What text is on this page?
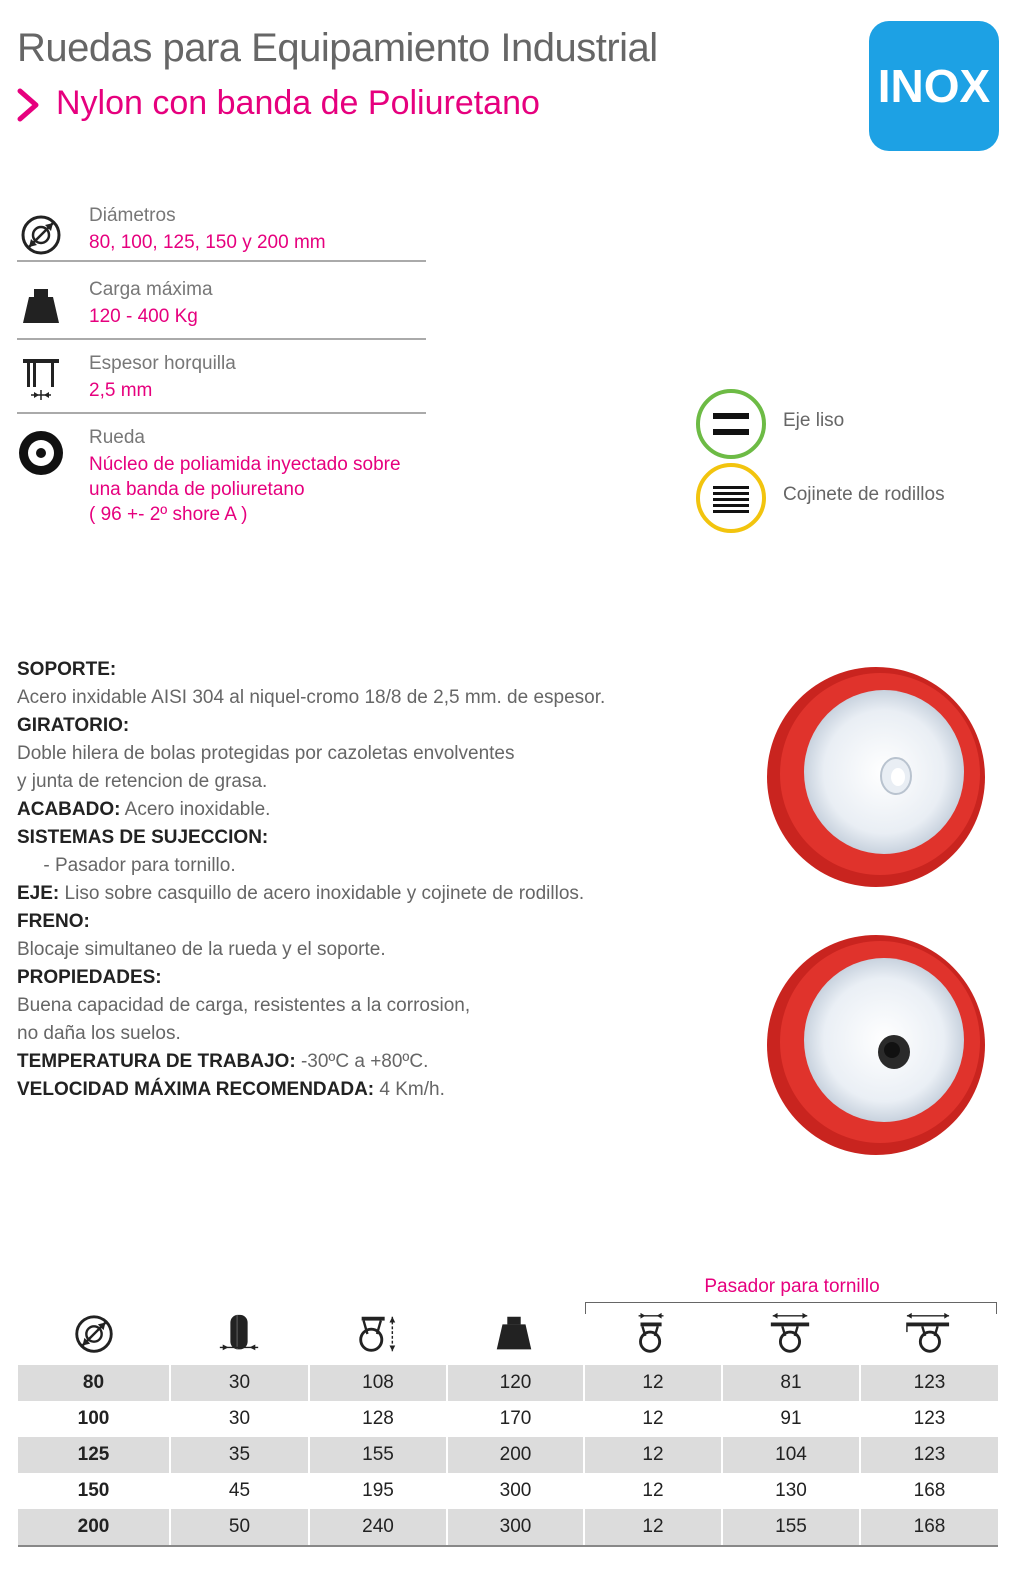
Ruedas para Equipamiento Industrial
Nylon con banda de Poliuretano	INOX
Diámetros
80, 100, 125, 150 y 200 mm
Carga máxima
120 - 400 Kg
Espesor horquilla
2,5 mm
Rueda
Núcleo de poliamida inyectado sobre
una banda de poliuretano
( 96 +- 2º shore A )
Eje liso
Cojinete de rodillos
SOPORTE:
Acero inxidable AISI 304 al niquel-cromo 18/8 de 2,5 mm. de espesor.
GIRATORIO:
Doble hilera de bolas protegidas por cazoletas envolventes
y junta de retencion de grasa.
ACABADO: Acero inoxidable.
SISTEMAS DE SUJECCION:
- Pasador para tornillo.
EJE: Liso sobre casquillo de acero inoxidable y cojinete de rodillos.
FRENO:
Blocaje simultaneo de la rueda y el soporte.
PROPIEDADES:
Buena capacidad de carga, resistentes a la corrosion,
no daña los suelos.
TEMPERATURA DE TRABAJO: -30ºC a +80ºC.
VELOCIDAD MÁXIMA RECOMENDADA: 4 Km/h.
Pasador para tornillo
80	30	108	120	12	81	123
100	30	128	170	12	91	123
125	35	155	200	12	104	123
150	45	195	300	12	130	168
200	50	240	300	12	155	168
